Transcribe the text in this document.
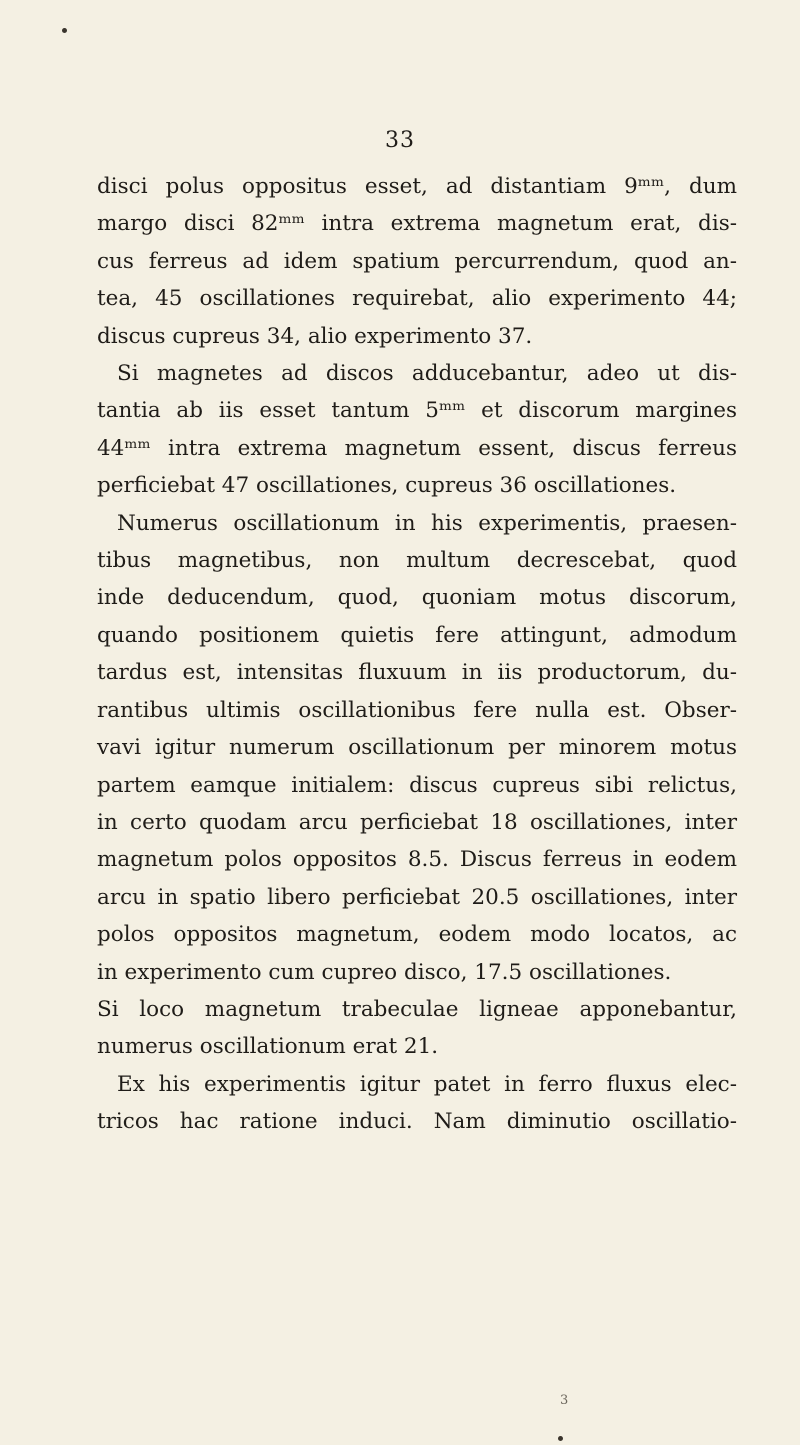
33
disci polus oppositus esset, ad distantiam 9ᵐᵐ, dum
margo disci 82ᵐᵐ intra extrema magnetum erat, dis-
cus ferreus ad idem spatium percurrendum, quod an-
tea, 45 oscillationes requirebat, alio experimento 44;
discus cupreus 34, alio experimento 37.
Si magnetes ad discos adducebantur, adeo ut dis-
tantia ab iis esset tantum 5ᵐᵐ et discorum margines
44ᵐᵐ intra extrema magnetum essent, discus ferreus
perficiebat 47 oscillationes, cupreus 36 oscillationes.
Numerus oscillationum in his experimentis, praesen-
tibus magnetibus, non multum decrescebat, quod
inde deducendum, quod, quoniam motus discorum,
quando positionem quietis fere attingunt, admodum
tardus est, intensitas fluxuum in iis productorum, du-
rantibus ultimis oscillationibus fere nulla est. Obser-
vavi igitur numerum oscillationum per minorem motus
partem eamque initialem: discus cupreus sibi relictus,
in certo quodam arcu perficiebat 18 oscillationes, inter
magnetum polos oppositos 8.5. Discus ferreus in eodem
arcu in spatio libero perficiebat 20.5 oscillationes, inter
polos oppositos magnetum, eodem modo locatos, ac
in experimento cum cupreo disco, 17.5 oscillationes.
Si loco magnetum trabeculae ligneae apponebantur,
numerus oscillationum erat 21.
Ex his experimentis igitur patet in ferro fluxus elec-
tricos hac ratione induci. Nam diminutio oscillatio-
3
